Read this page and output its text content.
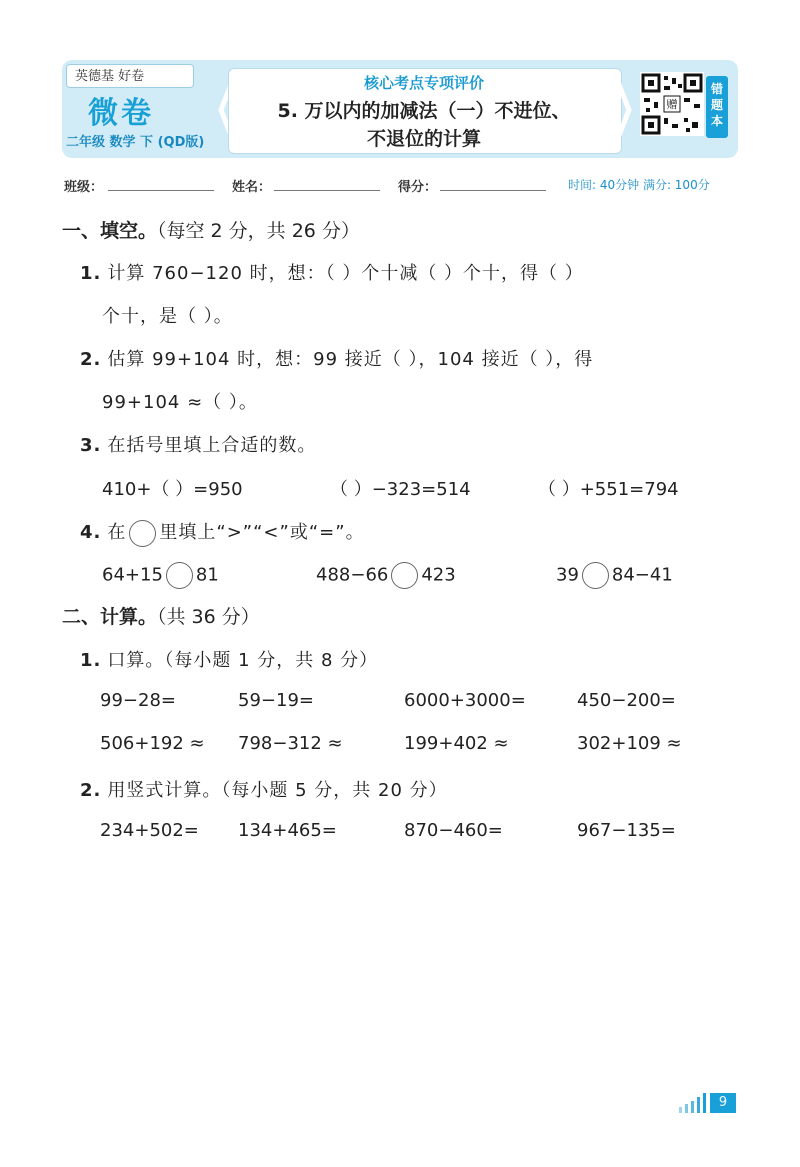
英德基 好卷
微卷
二年级 数学 下 (QD版)
核心考点专项评价
5. 万以内的加减法（一）不进位、
不退位的计算
赠
错
题
本
班级：	姓名：	得分：	时间: 40分钟 满分: 100分
一、填空。（每空 2 分，共 26 分）
1. 计算 760−120 时，想：（ ）个十减（ ）个十，得（ ）
个十，是（ ）。
2. 估算 99+104 时，想：99 接近（ ），104 接近（ ），得
99+104 ≈（ ）。
3. 在括号里填上合适的数。
410+（ ）=950	（ ）−323=514	（ ）+551=794
4. 在 里填上“>”“<”或“=”。
64+15 81	488−66 423	39 84−41
二、计算。（共 36 分）
1. 口算。（每小题 1 分，共 8 分）
99−28=	59−19=	6000+3000=	450−200=
506+192 ≈ 798−312 ≈	199+402 ≈	302+109 ≈
2. 用竖式计算。（每小题 5 分，共 20 分）
234+502= 134+465=	870−460=	967−135=
9
